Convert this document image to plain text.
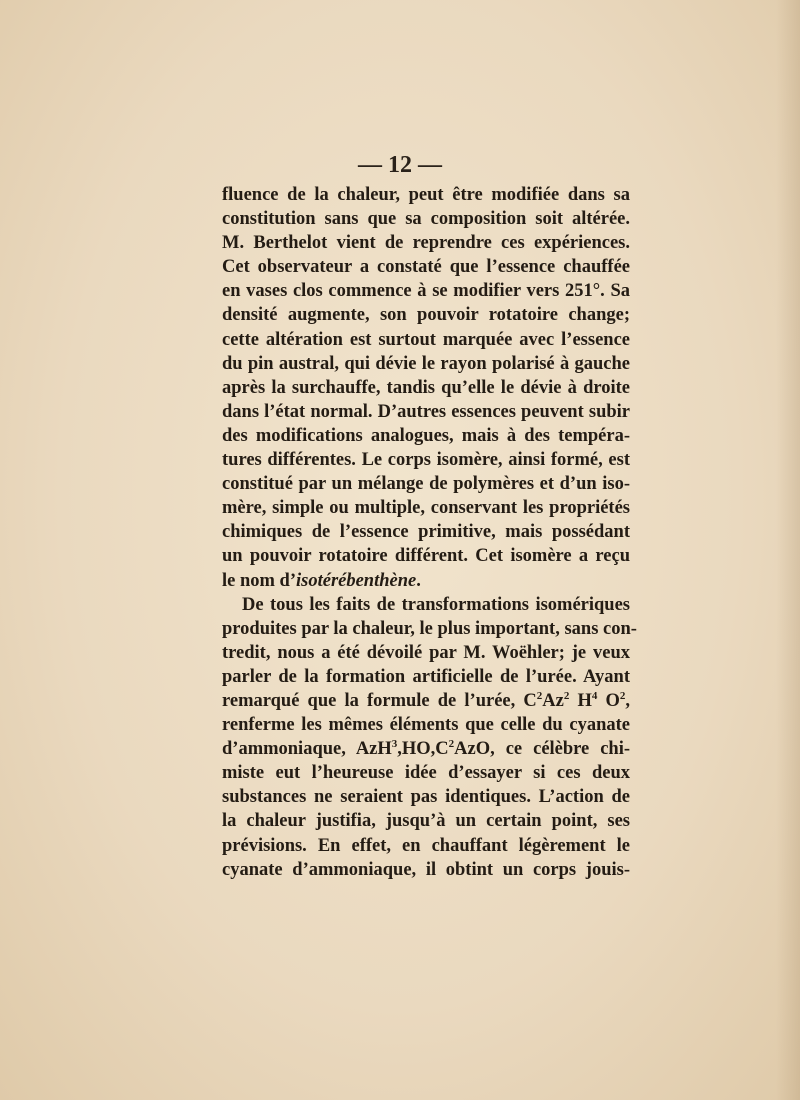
— 12 —
fluence de la chaleur, peut être modifiée dans sa
constitution sans que sa composition soit altérée.
M. Berthelot vient de reprendre ces expériences.
Cet observateur a constaté que l’essence chauffée
en vases clos commence à se modifier vers 251°. Sa
densité augmente, son pouvoir rotatoire change;
cette altération est surtout marquée avec l’essence
du pin austral, qui dévie le rayon polarisé à gauche
après la surchauffe, tandis qu’elle le dévie à droite
dans l’état normal. D’autres essences peuvent subir
des modifications analogues, mais à des tempéra-
tures différentes. Le corps isomère, ainsi formé, est
constitué par un mélange de polymères et d’un iso-
mère, simple ou multiple, conservant les propriétés
chimiques de l’essence primitive, mais possédant
un pouvoir rotatoire différent. Cet isomère a reçu
le nom d’isotérébenthène.
De tous les faits de transformations isomériques
produites par la chaleur, le plus important, sans con-
tredit, nous a été dévoilé par M. Woëhler; je veux
parler de la formation artificielle de l’urée. Ayant
remarqué que la formule de l’urée, $C^2Az^2$ $H^4$ $O^2$,
renferme les mêmes éléments que celle du cyanate
d’ammoniaque, $AzH^3,HO,C^2AzO$, ce célèbre chi-
miste eut l’heureuse idée d’essayer si ces deux
substances ne seraient pas identiques. L’action de
la chaleur justifia, jusqu’à un certain point, ses
prévisions. En effet, en chauffant légèrement le
cyanate d’ammoniaque, il obtint un corps jouis-
